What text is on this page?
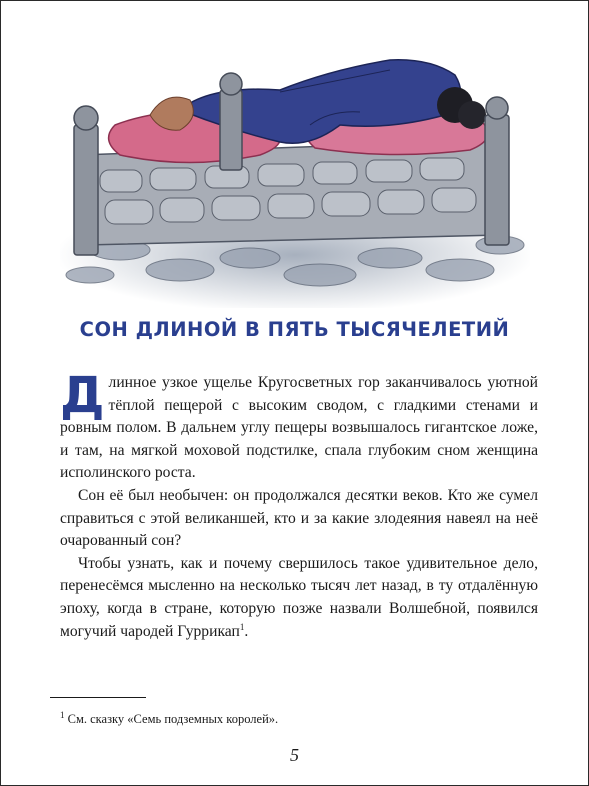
СОН ДЛИНОЙ В ПЯТЬ ТЫСЯЧЕЛЕТИЙ

Длинное узкое ущелье Кругосветных гор заканчивалось уютной тёплой пещерой с высоким сводом, с гладкими стенами и ровным полом. В дальнем углу пещеры возвышалось гигантское ложе, и там, на мягкой моховой подстилке, спала глубоким сном женщина исполинского роста.

Сон её был необычен: он продолжался десятки веков. Кто же сумел справиться с этой великаншей, кто и за какие злодеяния навеял на неё очарованный сон?

Чтобы узнать, как и почему свершилось такое удивительное дело, перенесёмся мысленно на несколько тысяч лет назад, в ту отдалённую эпоху, когда в стране, которую позже назвали Волшебной, появился могучий чародей Гуррикап$^1$.

$^1$ См. сказку «Семь подземных королей».
5
